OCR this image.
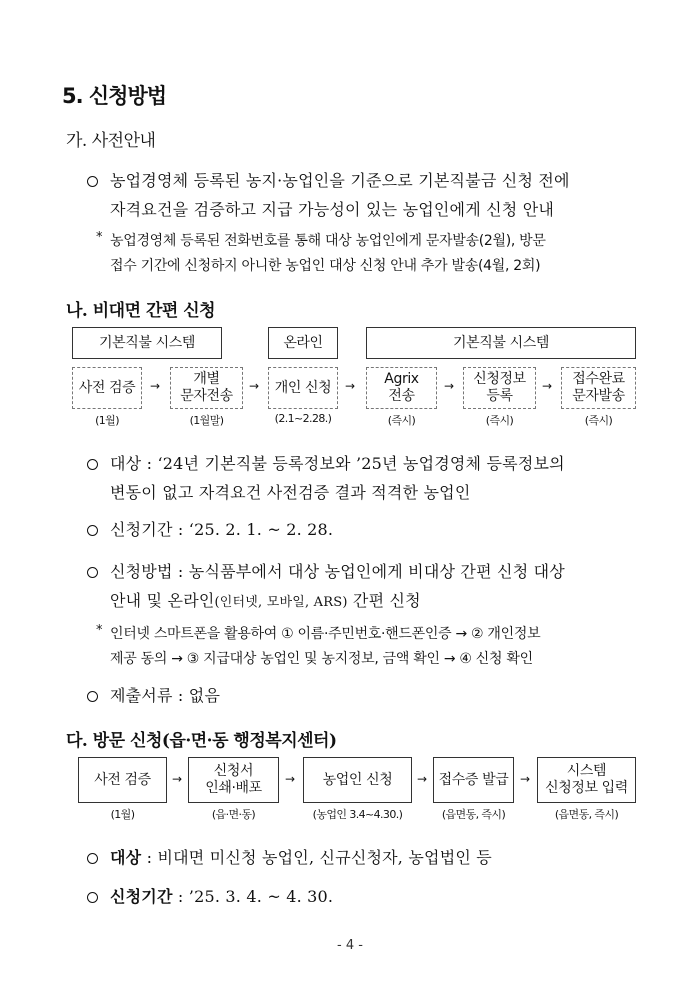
5. 신청방법
가. 사전안내
농업경영체 등록된 농지·농업인을 기준으로 기본직불금 신청 전에
자격요건을 검증하고 지급 가능성이 있는 농업인에게 신청 안내
* 농업경영체 등록된 전화번호를 통해 대상 농업인에게 문자발송(2월), 방문
접수 기간에 신청하지 아니한 농업인 대상 신청 안내 추가 발송(4월, 2회)
나. 비대면 간편 신청
기본직불 시스템	온라인	기본직불 시스템
사전 검증 →	개별
문자전송
→ 개인 신청 → Agrix
전송
→ 신청정보
등록
→ 접수완료
문자발송
(1월)	(1월말)	(2.1~2.28.)	(즉시)	(즉시)	(즉시)
대상 : ‘24년 기본직불 등록정보와 ’25년 농업경영체 등록정보의
변동이 없고 자격요건 사전검증 결과 적격한 농업인
신청기간 : ‘25. 2. 1. ~ 2. 28.
신청방법 : 농식품부에서 대상 농업인에게 비대상 간편 신청 대상
안내 및 온라인(인터넷, 모바일, ARS) 간편 신청
* 인터넷 스마트폰을 활용하여 ① 이름·주민번호·핸드폰인증 → ② 개인정보
제공 동의 → ③ 지급대상 농업인 및 농지정보, 금액 확인 → ④ 신청 확인
제출서류 : 없음
다. 방문 신청(읍·면·동 행정복지센터)
사전 검증 →	신청서
인쇄·배포
→ 농업인 신청 → 접수증 발급 →	시스템
신청정보 입력
(1월)	(읍·면·동)	(농업인 3.4~4.30.)	(읍면동, 즉시)	(읍면동, 즉시)
대상 : 비대면 미신청 농업인, 신규신청자, 농업법인 등
신청기간 : ’25. 3. 4. ~ 4. 30.
- 4 -
